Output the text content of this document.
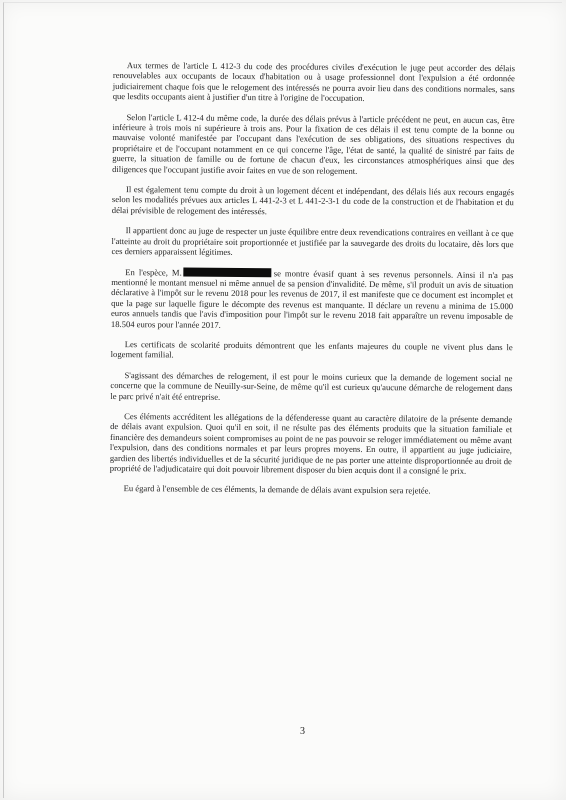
Aux termes de l'article L 412-3 du code des procédures civiles d'exécution le juge peut accorder des délais renouvelables aux occupants de locaux d'habitation ou à usage professionnel dont l'expulsion a été ordonnée judiciairement chaque fois que le relogement des intéressés ne pourra avoir lieu dans des conditions normales, sans que lesdits occupants aient à justifier d'un titre à l'origine de l'occupation.

Selon l'article L 412-4 du même code, la durée des délais prévus à l'article précédent ne peut, en aucun cas, être inférieure à trois mois ni supérieure à trois ans. Pour la fixation de ces délais il est tenu compte de la bonne ou mauvaise volonté manifestée par l'occupant dans l'exécution de ses obligations, des situations respectives du propriétaire et de l'occupant notamment en ce qui concerne l'âge, l'état de santé, la qualité de sinistré par faits de guerre, la situation de famille ou de fortune de chacun d'eux, les circonstances atmosphériques ainsi que des diligences que l'occupant justifie avoir faites en vue de son relogement.

Il est également tenu compte du droit à un logement décent et indépendant, des délais liés aux recours engagés selon les modalités prévues aux articles L 441-2-3 et L 441-2-3-1 du code de la construction et de l'habitation et du délai prévisible de relogement des intéressés.

Il appartient donc au juge de respecter un juste équilibre entre deux revendications contraires en veillant à ce que l'atteinte au droit du propriétaire soit proportionnée et justifiée par la sauvegarde des droits du locataire, dès lors que ces derniers apparaissent légitimes.

En l'espèce, M.	se montre évasif quant à ses revenus personnels. Ainsi il n'a pas mentionné le montant mensuel ni même annuel de sa pension d'invalidité. De même, s'il produit un avis de situation déclarative à l'impôt sur le revenu 2018 pour les revenus de 2017, il est manifeste que ce document est incomplet et que la page sur laquelle figure le décompte des revenus est manquante. Il déclare un revenu a minima de 15.000 euros annuels tandis que l'avis d'imposition pour l'impôt sur le revenu 2018 fait apparaître un revenu imposable de 18.504 euros pour l'année 2017.

Les certificats de scolarité produits démontrent que les enfants majeures du couple ne vivent plus dans le logement familial.

S'agissant des démarches de relogement, il est pour le moins curieux que la demande de logement social ne concerne que la commune de Neuilly-sur-Seine, de même qu'il est curieux qu'aucune démarche de relogement dans le parc privé n'ait été entreprise.

Ces éléments accréditent les allégations de la défenderesse quant au caractère dilatoire de la présente demande de délais avant expulsion. Quoi qu'il en soit, il ne résulte pas des éléments produits que la situation familiale et financière des demandeurs soient compromises au point de ne pas pouvoir se reloger immédiatement ou même avant l'expulsion, dans des conditions normales et par leurs propres moyens. En outre, il appartient au juge judiciaire, gardien des libertés individuelles et de la sécurité juridique de ne pas porter une atteinte disproportionnée au droit de propriété de l'adjudicataire qui doit pouvoir librement disposer du bien acquis dont il a consigné le prix.

Eu égard à l'ensemble de ces éléments, la demande de délais avant expulsion sera rejetée.

3
